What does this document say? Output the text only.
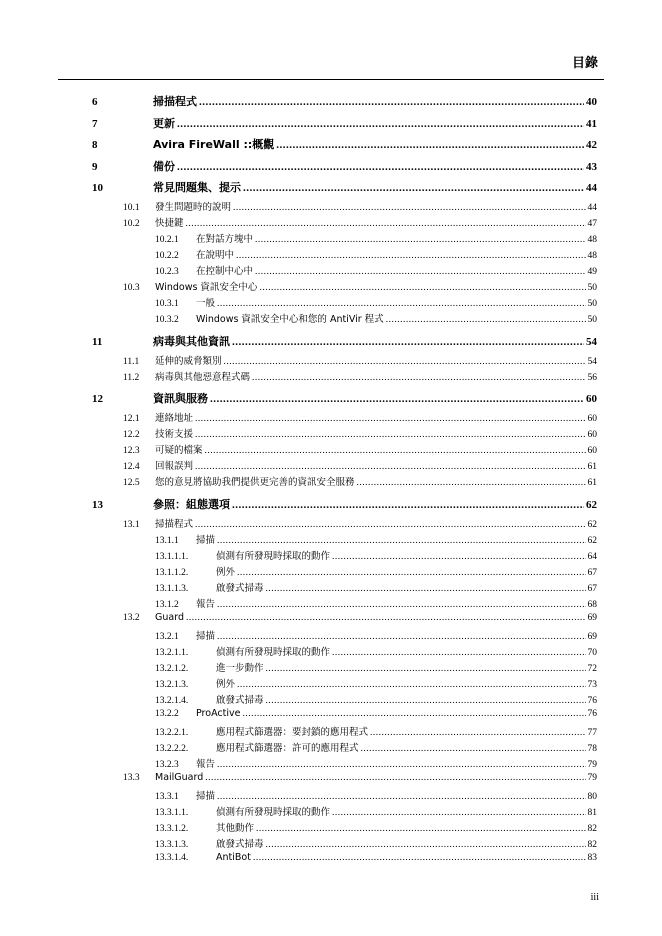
目錄
6	掃描程式 .....	40
7	更新 .....	41
8	Avira FireWall ::概觀 .....	42
9	備份 .....	43
10	常見問題集、提示 .....	44
10.1	發生問題時的說明 .....	44
10.2	快捷鍵 .....	47
10.2.1	在對話方塊中 .....	48
10.2.2	在說明中 .....	48
10.2.3	在控制中心中 .....	49
10.3	Windows 資訊安全中心 .....	50
10.3.1	一般 .....	50
10.3.2	Windows 資訊安全中心和您的 AntiVir 程式 .....	50
11	病毒與其他資訊 .....	54
11.1	延伸的威脅類別 .....	54
11.2	病毒與其他惡意程式碼 .....	56
12	資訊與服務 .....	60
12.1	連絡地址 .....	60
12.2	技術支援 .....	60
12.3	可疑的檔案 .....	60
12.4	回報誤判 .....	61
12.5	您的意見將協助我們提供更完善的資訊安全服務 .....	61
13	參照：組態選項 .....	62
13.1	掃描程式 .....	62
13.1.1	掃描 .....	62
13.1.1.1.	偵測有所發現時採取的動作 .....	64
13.1.1.2.	例外 .....	67
13.1.1.3.	啟發式掃毒 .....	67
13.1.2	報告 .....	68
13.2	Guard .....	69
13.2.1	掃描 .....	69
13.2.1.1.	偵測有所發現時採取的動作 .....	70
13.2.1.2.	進一步動作 .....	72
13.2.1.3.	例外 .....	73
13.2.1.4.	啟發式掃毒 .....	76
13.2.2	ProActive .....	76
13.2.2.1.	應用程式篩選器：要封鎖的應用程式 .....	77
13.2.2.2.	應用程式篩選器：許可的應用程式 .....	78
13.2.3	報告 .....	79
13.3	MailGuard .....	79
13.3.1	掃描 .....	80
13.3.1.1.	偵測有所發現時採取的動作 .....	81
13.3.1.2.	其他動作 .....	82
13.3.1.3.	啟發式掃毒 .....	82
13.3.1.4.	AntiBot .....	83
iii
